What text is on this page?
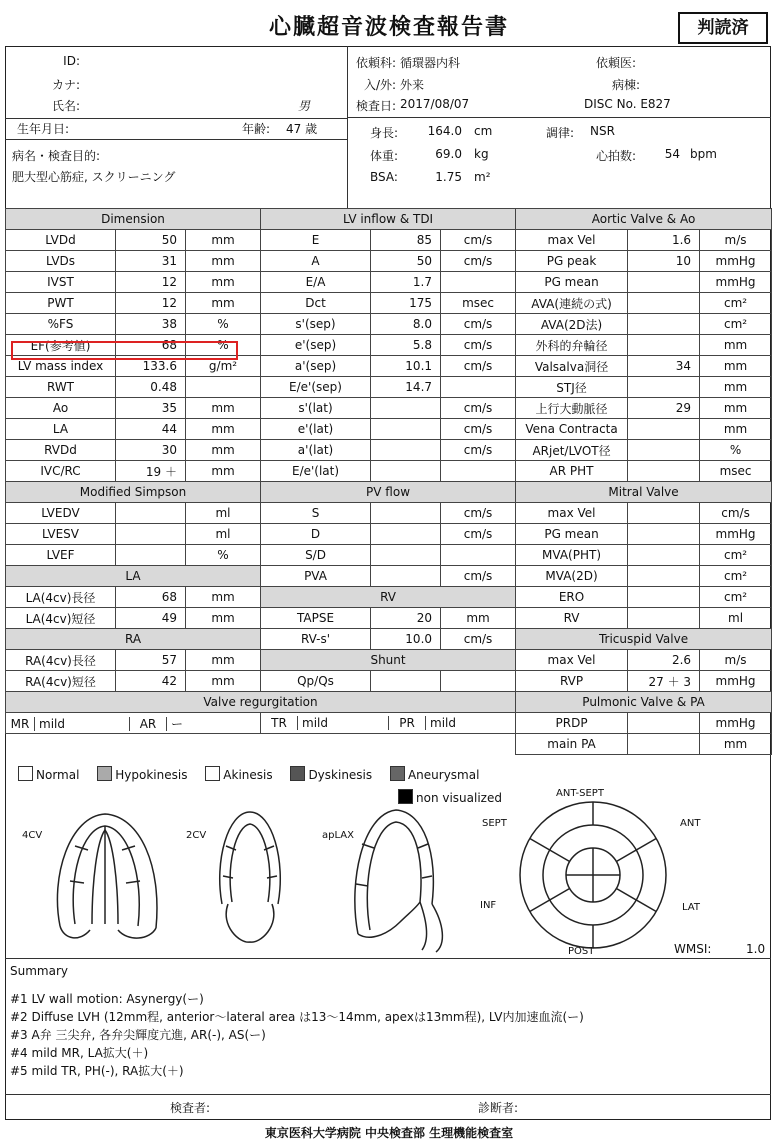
心臓超音波検査報告書	判読済
ID:
カナ:
氏名:	男
生年月日:	年齢: 47 歳
病名・検査目的:
肥大型心筋症, スクリーニング
依頼科: 循環器内科	依頼医:
入/外: 外来	病棟:
検査日: 2017/08/07	DISC No. E827
身長:	164.0 cm	調律: NSR
体重:	69.0 kg	心拍数:	54 bpm
BSA:	1.75 m²
Dimension			LV inflow & TDI			Aortic Valve & Ao		
LVDd	50	mm	E	85	cm/s	max Vel	1.6	m/s
LVDs	31	mm	A	50	cm/s	PG peak	10	mmHg
IVST	12	mm	E/A	1.7		PG mean		mmHg
PWT	12	mm	Dct	175	msec	AVA(連続の式)		cm²
%FS	38	%	s'(sep)	8.0	cm/s	AVA(2D法)		cm²
EF(参考値)	68	%	e'(sep)	5.8	cm/s	外科的弁輪径		mm
LV mass index	133.6	g/m²	a'(sep)	10.1	cm/s	Valsalva洞径	34	mm
RWT	0.48		E/e'(sep)	14.7		STJ径		mm
Ao	35	mm	s'(lat)		cm/s	上行大動脈径	29	mm
LA	44	mm	e'(lat)		cm/s	Vena Contracta		mm
RVDd	30	mm	a'(lat)		cm/s	ARjet/LVOT径		%
IVC/RC	19 ＋	mm	E/e'(lat)			AR PHT		msec
Modified Simpson			PV flow			Mitral Valve		
LVEDV		ml	S		cm/s	max Vel		cm/s
LVESV		ml	D		cm/s	PG mean		mmHg
LVEF		%	S/D			MVA(PHT)		cm²
LA			PVA		cm/s	MVA(2D)		cm²
LA(4cv)長径	68	mm	RV			ERO		cm²
LA(4cv)短径	49	mm	TAPSE	20	mm	RV		ml
RA			RV-s'	10.0	cm/s	Tricuspid Valve		
RA(4cv)長径	57	mm	Shunt			max Vel	2.6	m/s
RA(4cv)短径	42	mm	Qp/Qs			RVP	27 ＋ 3	mmHg
Valve regurgitation						Pulmonic Valve & PA		
MR mild AR ー			TR mild PR mild			PRDP		mmHg
						main PA		mm
Normal	Hypokinesis	Akinesis	Dyskinesis	Aneurysmal
non visualized
4CV	2CV	apLAX
ANT-SEPT
SEPT	ANT
INF	LAT
POST	WMSI:	1.0
Summary
#1 LV wall motion: Asynergy(ー)
#2 Diffuse LVH (12mm程, anterior〜lateral area は13〜14mm, apexは13mm程), LV内加速血流(ー)
#3 A弁 三尖弁, 各弁尖輝度亢進, AR(-), AS(ー)
#4 mild MR, LA拡大(＋)
#5 mild TR, PH(-), RA拡大(＋)
検査者:	診断者:
東京医科大学病院 中央検査部 生理機能検査室
